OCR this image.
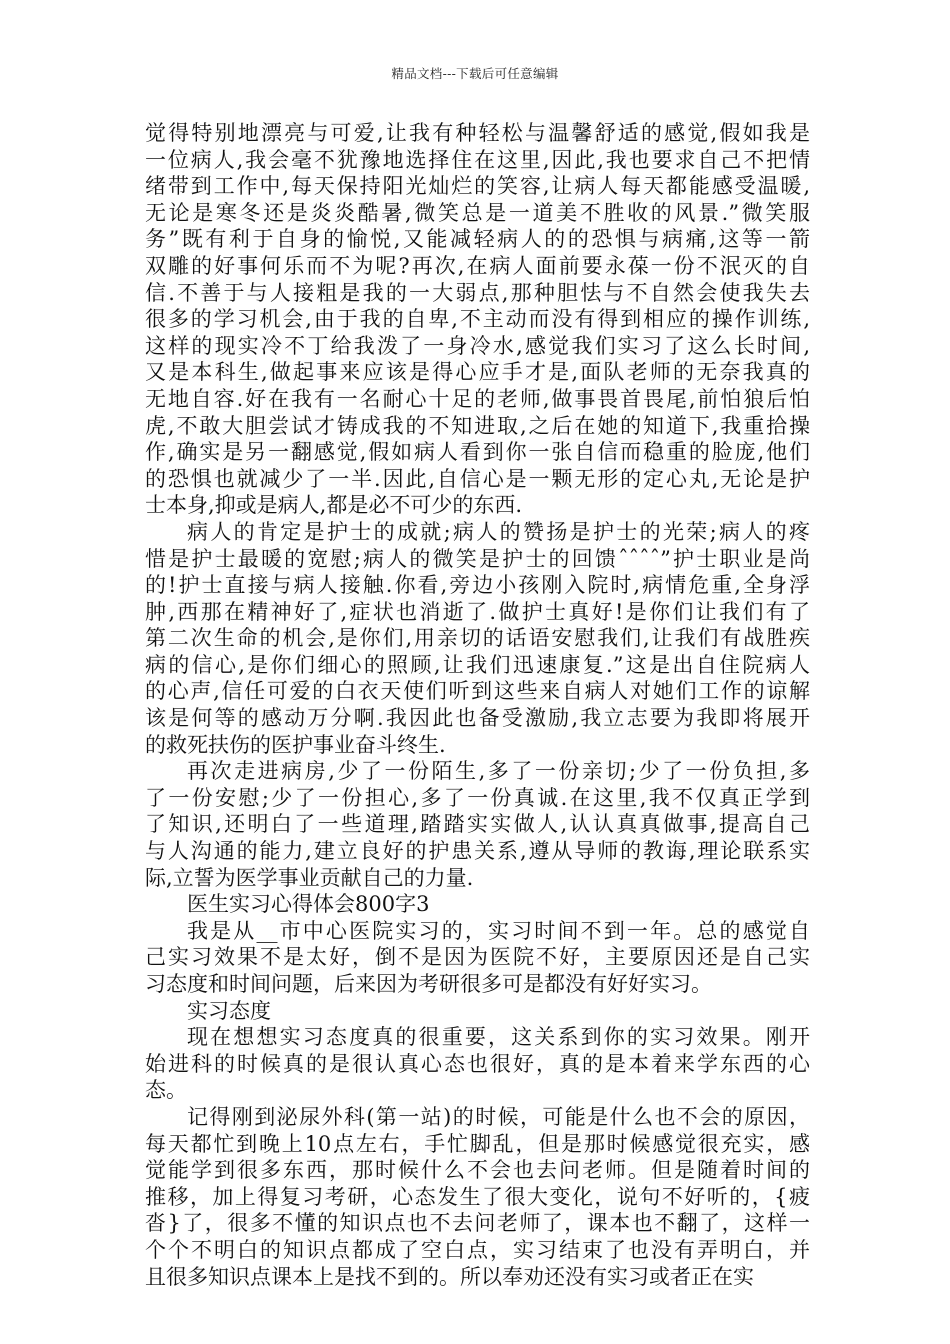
精品文档---下载后可任意编辑
觉得特别地漂亮与可爱,让我有种轻松与温馨舒适的感觉,假如我是
一位病人,我会毫不犹豫地选择住在这里,因此,我也要求自己不把情
绪带到工作中,每天保持阳光灿烂的笑容,让病人每天都能感受温暖,
无论是寒冬还是炎炎酷暑,微笑总是一道美不胜收的风景.”微笑服
务”既有利于自身的愉悦,又能减轻病人的的恐惧与病痛,这等一箭
双雕的好事何乐而不为呢?再次,在病人面前要永葆一份不泯灭的自
信.不善于与人接粗是我的一大弱点,那种胆怯与不自然会使我失去
很多的学习机会,由于我的自卑,不主动而没有得到相应的操作训练,
这样的现实冷不丁给我泼了一身冷水,感觉我们实习了这么长时间,
又是本科生,做起事来应该是得心应手才是,面队老师的无奈我真的
无地自容.好在我有一名耐心十足的老师,做事畏首畏尾,前怕狼后怕
虎,不敢大胆尝试才铸成我的不知进取,之后在她的知道下,我重拾操
作,确实是另一翻感觉,假如病人看到你一张自信而稳重的脸庞,他们
的恐惧也就减少了一半.因此,自信心是一颗无形的定心丸,无论是护
士本身,抑或是病人,都是必不可少的东西.
病人的肯定是护士的成就;病人的赞扬是护士的光荣;病人的疼
惜是护士最暖的宽慰;病人的微笑是护士的回馈ˆˆˆˆ”护士职业是尚
的!护士直接与病人接触.你看,旁边小孩刚入院时,病情危重,全身浮
肿,西那在精神好了,症状也消逝了.做护士真好!是你们让我们有了
第二次生命的机会,是你们,用亲切的话语安慰我们,让我们有战胜疾
病的信心,是你们细心的照顾,让我们迅速康复.”这是出自住院病人
的心声,信任可爱的白衣天使们听到这些来自病人对她们工作的谅解
该是何等的感动万分啊.我因此也备受激励,我立志要为我即将展开
的救死扶伤的医护事业奋斗终生.
再次走进病房,少了一份陌生,多了一份亲切;少了一份负担,多
了一份安慰;少了一份担心,多了一份真诚.在这里,我不仅真正学到
了知识,还明白了一些道理,踏踏实实做人,认认真真做事,提高自己
与人沟通的能力,建立良好的护患关系,遵从导师的教诲,理论联系实
际,立誓为医学事业贡献自己的力量.
医生实习心得体会800字3
我是从__市中心医院实习的，实习时间不到一年。总的感觉自
己实习效果不是太好，倒不是因为医院不好，主要原因还是自己实
习态度和时间问题，后来因为考研很多可是都没有好好实习。
实习态度
现在想想实习态度真的很重要，这关系到你的实习效果。刚开
始进科的时候真的是很认真心态也很好，真的是本着来学东西的心
态。
记得刚到泌尿外科(第一站)的时候，可能是什么也不会的原因，
每天都忙到晚上10点左右，手忙脚乱，但是那时候感觉很充实，感
觉能学到很多东西，那时候什么不会也去问老师。但是随着时间的
推移，加上得复习考研，心态发生了很大变化，说句不好听的，{疲
沓}了，很多不懂的知识点也不去问老师了，课本也不翻了，这样一
个个不明白的知识点都成了空白点，实习结束了也没有弄明白，并
且很多知识点课本上是找不到的。所以奉劝还没有实习或者正在实
